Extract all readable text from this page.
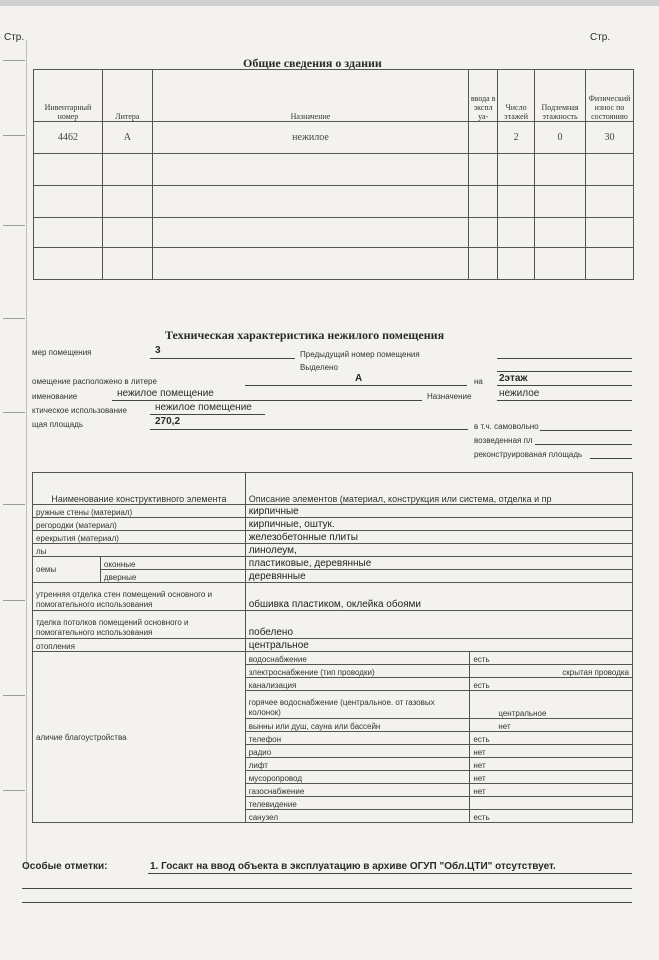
Стр.	Стр.
Общие сведения о здании
Инвентарный номер	Литера	Назначение	ввода в экспл уа-	Число этажей	Подземная этажность	Физический износ по состоянию
4462	А	нежилое		2	0	30

Техническая характеристика нежилого помещения
мер помещения	3	Предыдущий номер помещения
Выделено
омещение расположено в литере	А	на 2этаж
именование	нежилое помещение	Назначение	нежилое
ктическое использование	нежилое помещение
щая площадь	270,2	в т.ч. самовольно
возведенная пл
реконструированая площадь
Наименование конструктивного элемента		Описание элементов (материал, конструкция или система, отделка и пр	
ружные стены (материал)		кирпичные	
регородки (материал)		кирпичные, оштук.	
ерекрытия (материал)		железобетонные плиты	
лы		линолеум,	
оемы	оконные	пластиковые, деревянные	
	дверные	деревянные	
утренняя отделка стен помещений основного и
помогательного использования		обшивка пластиком, оклейка обоями	
тделка потолков помещений основного и
помогательного использования		побелено	
отопления		центральное	
аличие благоустройства		водоснабжение	есть
		злектроснабжение (тип проводки)	скрытая проводка
		канализация	есть
		горячее водоснабжение (центральное. от газовых колонок)	центральное
		вынны или душ, сауна или бассейн	нет
		телефон	есть
		радио	нет
		лифт	нет
		мусоропровод	нет
		газоснабжение	нет
		телевидение	
		санузел	есть
Особые отметки:	1. Госакт на ввод объекта в эксплуатацию в архиве ОГУП "Обл.ЦТИ" отсутствует.
